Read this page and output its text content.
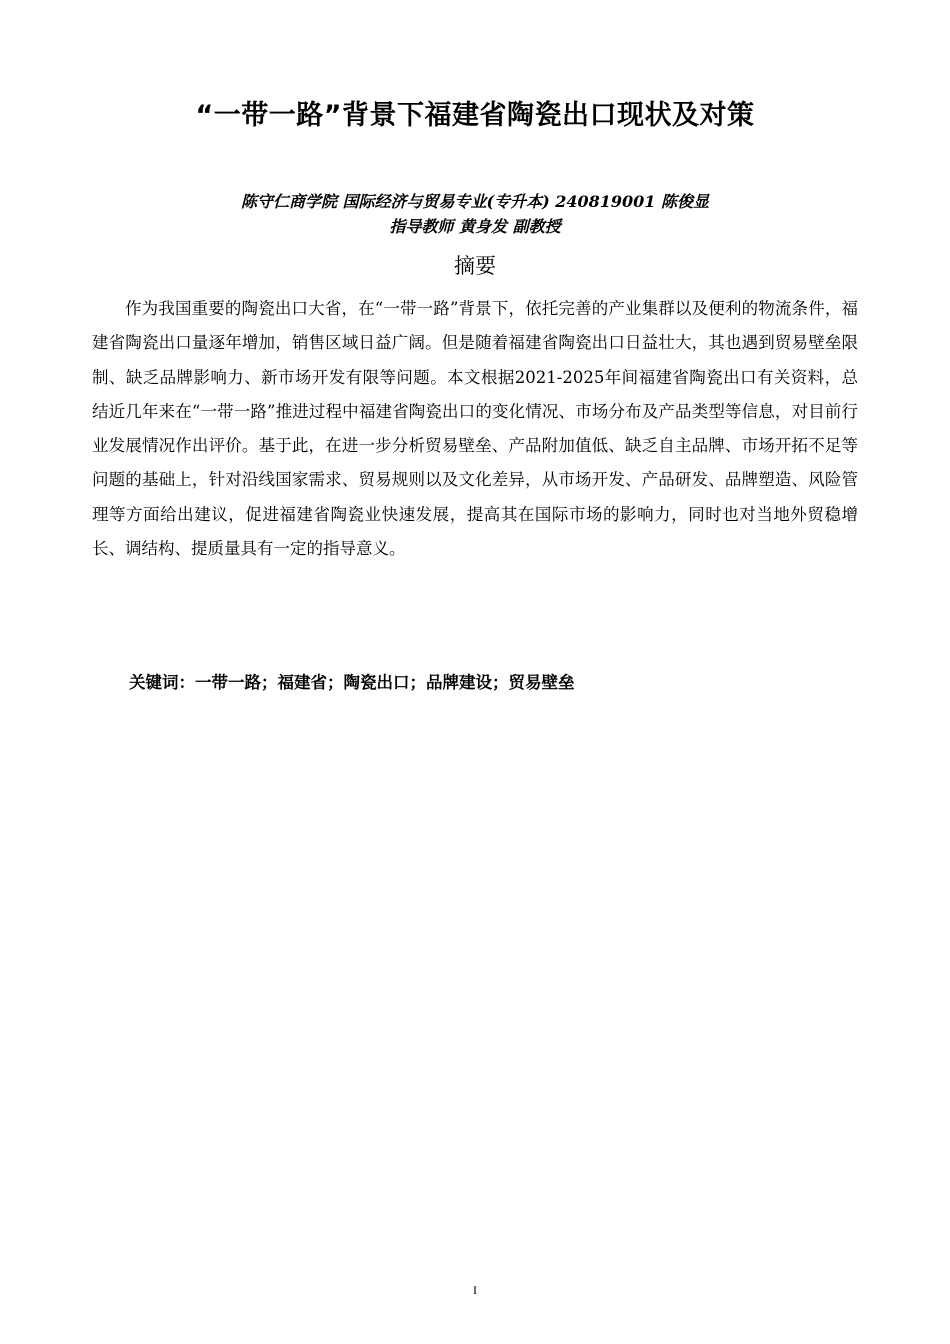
“一带一路”背景下福建省陶瓷出口现状及对策
陈守仁商学院 国际经济与贸易专业(专升本) 240819001 陈俊显
指导教师 黄身发 副教授
摘要

作为我国重要的陶瓷出口大省，在“一带一路”背景下，依托完善的产业集群以及便利的物流条件，福建省陶瓷出口量逐年增加，销售区域日益广阔。但是随着福建省陶瓷出口日益壮大，其也遇到贸易壁垒限制、缺乏品牌影响力、新市场开发有限等问题。本文根据2021-2025年间福建省陶瓷出口有关资料，总结近几年来在“一带一路”推进过程中福建省陶瓷出口的变化情况、市场分布及产品类型等信息，对目前行业发展情况作出评价。基于此，在进一步分析贸易壁垒、产品附加值低、缺乏自主品牌、市场开拓不足等问题的基础上，针对沿线国家需求、贸易规则以及文化差异，从市场开发、产品研发、品牌塑造、风险管理等方面给出建议，促进福建省陶瓷业快速发展，提高其在国际市场的影响力，同时也对当地外贸稳增长、调结构、提质量具有一定的指导意义。

关键词：一带一路；福建省；陶瓷出口；品牌建设；贸易壁垒
I
